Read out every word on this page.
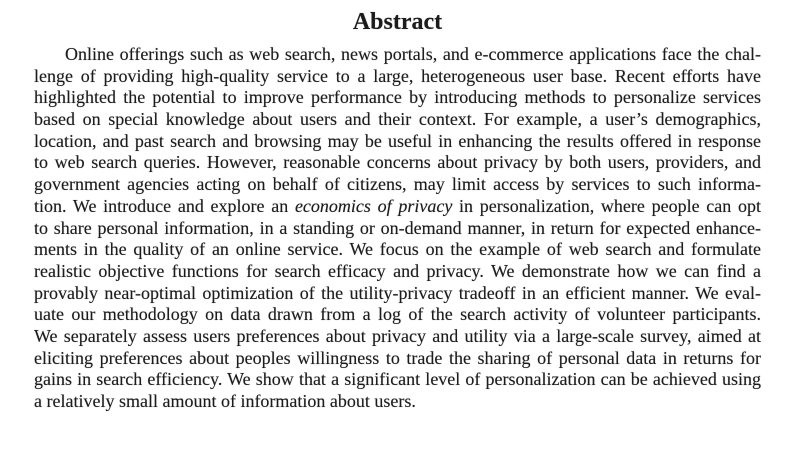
Abstract
Online offerings such as web search, news portals, and e-commerce applications face the chal-
lenge of providing high-quality service to a large, heterogeneous user base. Recent efforts have
highlighted the potential to improve performance by introducing methods to personalize services
based on special knowledge about users and their context. For example, a user’s demographics,
location, and past search and browsing may be useful in enhancing the results offered in response
to web search queries. However, reasonable concerns about privacy by both users, providers, and
government agencies acting on behalf of citizens, may limit access by services to such informa-
tion. We introduce and explore an economics of privacy in personalization, where people can opt
to share personal information, in a standing or on-demand manner, in return for expected enhance-
ments in the quality of an online service. We focus on the example of web search and formulate
realistic objective functions for search efficacy and privacy. We demonstrate how we can find a
provably near-optimal optimization of the utility-privacy tradeoff in an efficient manner. We eval-
uate our methodology on data drawn from a log of the search activity of volunteer participants.
We separately assess users preferences about privacy and utility via a large-scale survey, aimed at
eliciting preferences about peoples willingness to trade the sharing of personal data in returns for
gains in search efficiency. We show that a significant level of personalization can be achieved using
a relatively small amount of information about users.
